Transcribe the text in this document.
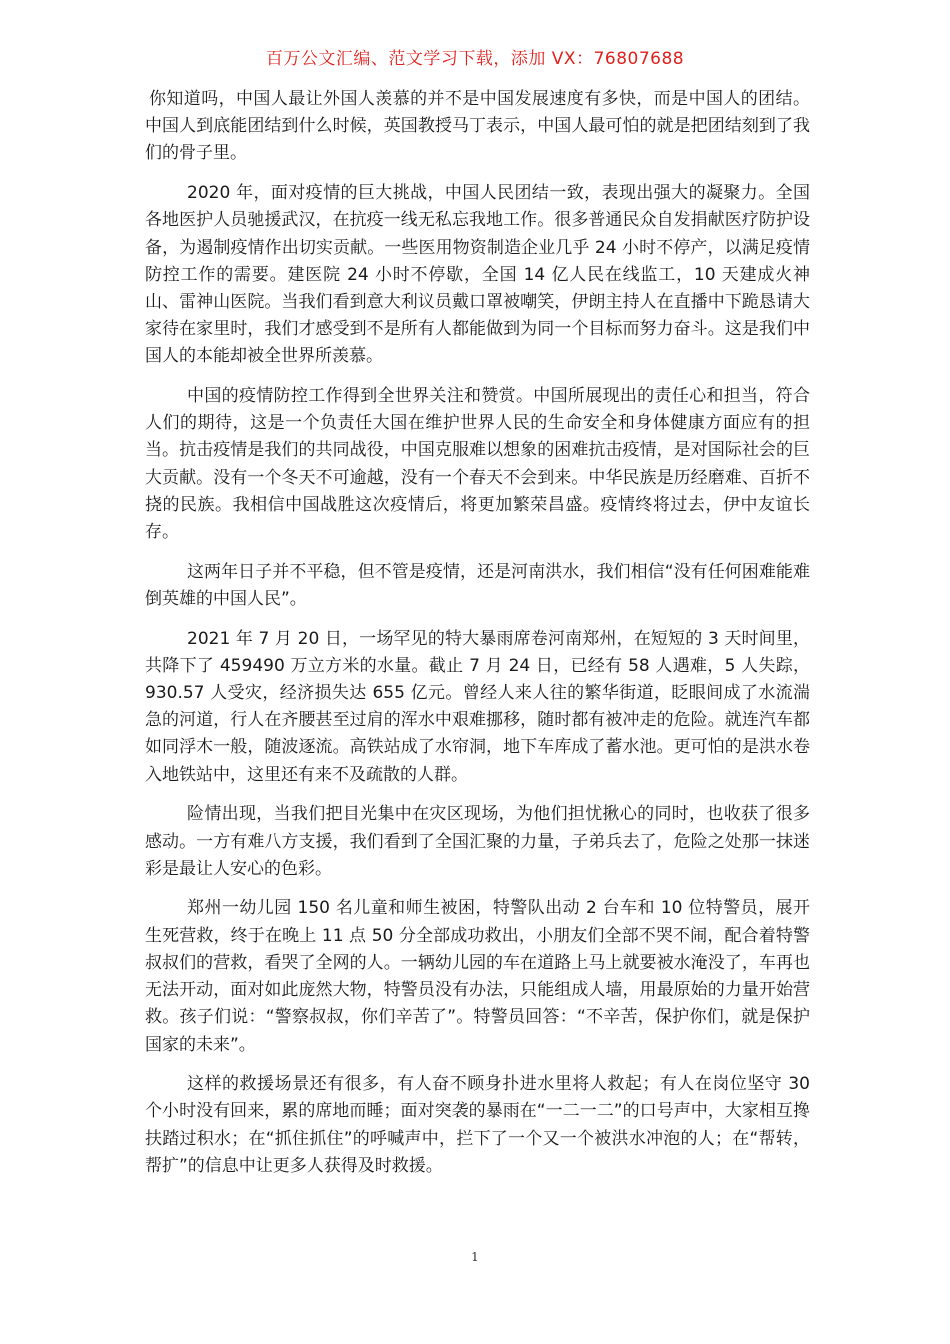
百万公文汇编、范文学习下载，添加 VX：76807688

你知道吗，中国人最让外国人羡慕的并不是中国发展速度有多快，而是中国人的团结。中国人到底能团结到什么时候，英国教授马丁表示，中国人最可怕的就是把团结刻到了我们的骨子里。

2020 年，面对疫情的巨大挑战，中国人民团结一致，表现出强大的凝聚力。全国各地医护人员驰援武汉，在抗疫一线无私忘我地工作。很多普通民众自发捐献医疗防护设备，为遏制疫情作出切实贡献。一些医用物资制造企业几乎 24 小时不停产，以满足疫情防控工作的需要。建医院 24 小时不停歇，全国 14 亿人民在线监工，10 天建成火神山、雷神山医院。当我们看到意大利议员戴口罩被嘲笑，伊朗主持人在直播中下跪恳请大家待在家里时，我们才感受到不是所有人都能做到为同一个目标而努力奋斗。这是我们中国人的本能却被全世界所羡慕。

中国的疫情防控工作得到全世界关注和赞赏。中国所展现出的责任心和担当，符合人们的期待，这是一个负责任大国在维护世界人民的生命安全和身体健康方面应有的担当。抗击疫情是我们的共同战役，中国克服难以想象的困难抗击疫情，是对国际社会的巨大贡献。没有一个冬天不可逾越，没有一个春天不会到来。中华民族是历经磨难、百折不挠的民族。我相信中国战胜这次疫情后，将更加繁荣昌盛。疫情终将过去，伊中友谊长存。

这两年日子并不平稳，但不管是疫情，还是河南洪水，我们相信“没有任何困难能难倒英雄的中国人民”。

2021 年 7 月 20 日，一场罕见的特大暴雨席卷河南郑州，在短短的 3 天时间里，共降下了 459490 万立方米的水量。截止 7 月 24 日，已经有 58 人遇难，5 人失踪，930.57 人受灾，经济损失达 655 亿元。曾经人来人往的繁华街道，眨眼间成了水流湍急的河道，行人在齐腰甚至过肩的浑水中艰难挪移，随时都有被冲走的危险。就连汽车都如同浮木一般，随波逐流。高铁站成了水帘洞，地下车库成了蓄水池。更可怕的是洪水卷入地铁站中，这里还有来不及疏散的人群。

险情出现，当我们把目光集中在灾区现场，为他们担忧揪心的同时，也收获了很多感动。一方有难八方支援，我们看到了全国汇聚的力量，子弟兵去了，危险之处那一抹迷彩是最让人安心的色彩。

郑州一幼儿园 150 名儿童和师生被困，特警队出动 2 台车和 10 位特警员，展开生死营救，终于在晚上 11 点 50 分全部成功救出，小朋友们全部不哭不闹，配合着特警叔叔们的营救，看哭了全网的人。一辆幼儿园的车在道路上马上就要被水淹没了，车再也无法开动，面对如此庞然大物，特警员没有办法，只能组成人墙，用最原始的力量开始营救。孩子们说：“警察叔叔，你们辛苦了”。特警员回答：“不辛苦，保护你们，就是保护国家的未来”。

这样的救援场景还有很多，有人奋不顾身扑进水里将人救起；有人在岗位坚守 30 个小时没有回来，累的席地而睡；面对突袭的暴雨在“一二一二”的口号声中，大家相互搀扶踏过积水；在“抓住抓住”的呼喊声中，拦下了一个又一个被洪水冲泡的人；在“帮转，帮扩”的信息中让更多人获得及时救援。

1
